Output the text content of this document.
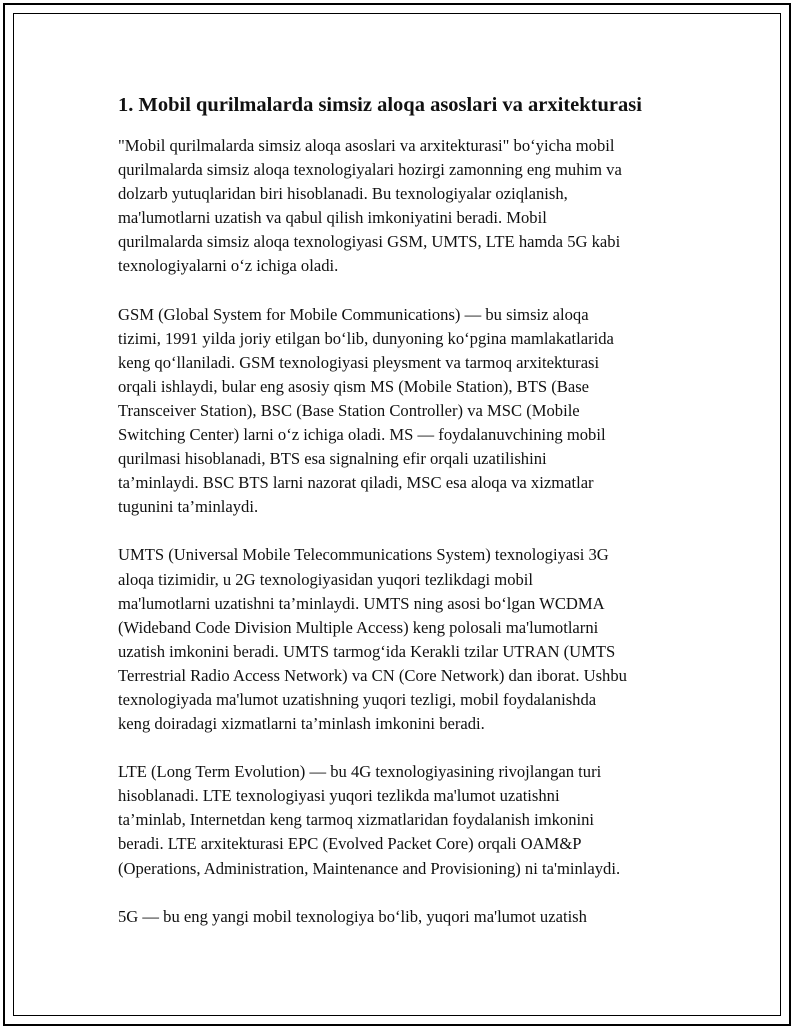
1. Mobil qurilmalarda simsiz aloqa asoslari va arxitekturasi

"Mobil qurilmalarda simsiz aloqa asoslari va arxitekturasi" bo‘yicha mobil
qurilmalarda simsiz aloqa texnologiyalari hozirgi zamonning eng muhim va
dolzarb yutuqlaridan biri hisoblanadi. Bu texnologiyalar oziqlanish,
ma'lumotlarni uzatish va qabul qilish imkoniyatini beradi. Mobil
qurilmalarda simsiz aloqa texnologiyasi GSM, UMTS, LTE hamda 5G kabi
texnologiyalarni o‘z ichiga oladi.

GSM (Global System for Mobile Communications) — bu simsiz aloqa
tizimi, 1991 yilda joriy etilgan bo‘lib, dunyoning ko‘pgina mamlakatlarida
keng qo‘llaniladi. GSM texnologiyasi pleysment va tarmoq arxitekturasi
orqali ishlaydi, bular eng asosiy qism MS (Mobile Station), BTS (Base
Transceiver Station), BSC (Base Station Controller) va MSC (Mobile
Switching Center) larni o‘z ichiga oladi. MS — foydalanuvchining mobil
qurilmasi hisoblanadi, BTS esa signalning efir orqali uzatilishini
ta’minlaydi. BSC BTS larni nazorat qiladi, MSC esa aloqa va xizmatlar
tugunini ta’minlaydi.

UMTS (Universal Mobile Telecommunications System) texnologiyasi 3G
aloqa tizimidir, u 2G texnologiyasidan yuqori tezlikdagi mobil
ma'lumotlarni uzatishni ta’minlaydi. UMTS ning asosi bo‘lgan WCDMA
(Wideband Code Division Multiple Access) keng polosali ma'lumotlarni
uzatish imkonini beradi. UMTS tarmog‘ida Kerakli tzilar UTRAN (UMTS
Terrestrial Radio Access Network) va CN (Core Network) dan iborat. Ushbu
texnologiyada ma'lumot uzatishning yuqori tezligi, mobil foydalanishda
keng doiradagi xizmatlarni ta’minlash imkonini beradi.

LTE (Long Term Evolution) — bu 4G texnologiyasining rivojlangan turi
hisoblanadi. LTE texnologiyasi yuqori tezlikda ma'lumot uzatishni
ta’minlab, Internetdan keng tarmoq xizmatlaridan foydalanish imkonini
beradi. LTE arxitekturasi EPC (Evolved Packet Core) orqali OAM&P
(Operations, Administration, Maintenance and Provisioning) ni ta'minlaydi.

5G — bu eng yangi mobil texnologiya bo‘lib, yuqori ma'lumot uzatish
